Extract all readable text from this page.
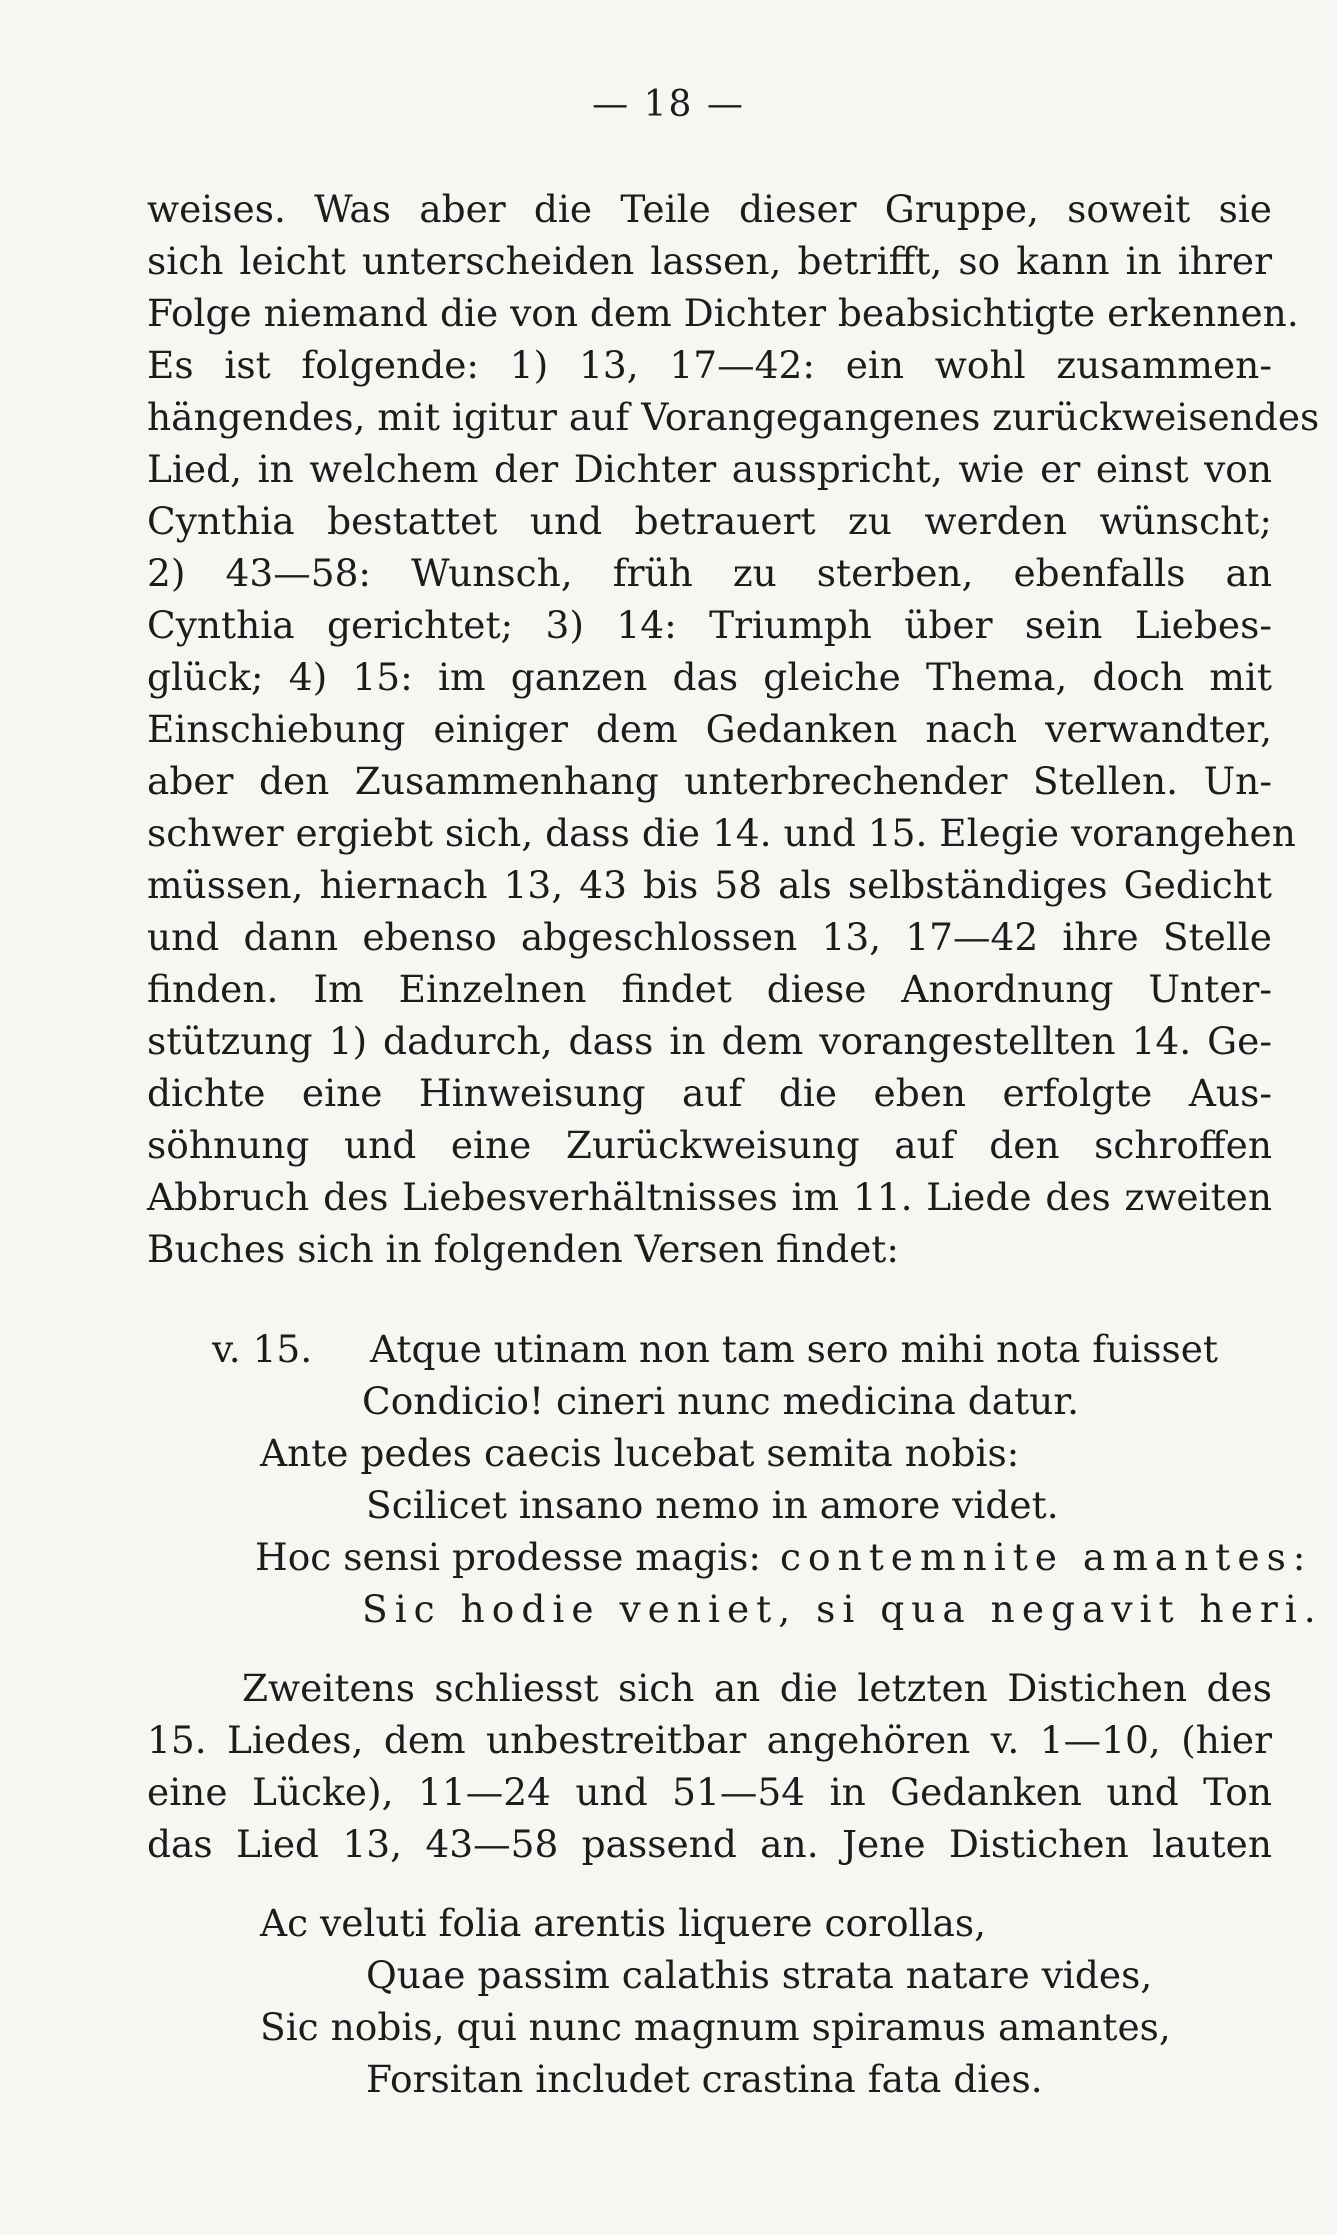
— 18 —
weises. Was aber die Teile dieser Gruppe, soweit sie
sich leicht unterscheiden lassen, betrifft, so kann in ihrer
Folge niemand die von dem Dichter beabsichtigte erkennen.
Es ist folgende: 1) 13, 17—42: ein wohl zusammen-
hängendes, mit igitur auf Vorangegangenes zurückweisendes
Lied, in welchem der Dichter ausspricht, wie er einst von
Cynthia bestattet und betrauert zu werden wünscht;
2) 43—58: Wunsch, früh zu sterben, ebenfalls an
Cynthia gerichtet; 3) 14: Triumph über sein Liebes-
glück; 4) 15: im ganzen das gleiche Thema, doch mit
Einschiebung einiger dem Gedanken nach verwandter,
aber den Zusammenhang unterbrechender Stellen. Un-
schwer ergiebt sich, dass die 14. und 15. Elegie vorangehen
müssen, hiernach 13, 43 bis 58 als selbständiges Gedicht
und dann ebenso abgeschlossen 13, 17—42 ihre Stelle
finden. Im Einzelnen findet diese Anordnung Unter-
stützung 1) dadurch, dass in dem vorangestellten 14. Ge-
dichte eine Hinweisung auf die eben erfolgte Aus-
söhnung und eine Zurückweisung auf den schroffen
Abbruch des Liebesverhältnisses im 11. Liede des zweiten
Buches sich in folgenden Versen findet:
v. 15. Atque utinam non tam sero mihi nota fuisset
Condicio! cineri nunc medicina datur.
Ante pedes caecis lucebat semita nobis:
Scilicet insano nemo in amore videt.
Hoc sensi prodesse magis: contemnite amantes:
Sic hodie veniet, si qua negavit heri.
Zweitens schliesst sich an die letzten Distichen des
15. Liedes, dem unbestreitbar angehören v. 1—10, (hier
eine Lücke), 11—24 und 51—54 in Gedanken und Ton
das Lied 13, 43—58 passend an. Jene Distichen lauten
Ac veluti folia arentis liquere corollas,
Quae passim calathis strata natare vides,
Sic nobis, qui nunc magnum spiramus amantes,
Forsitan includet crastina fata dies.
